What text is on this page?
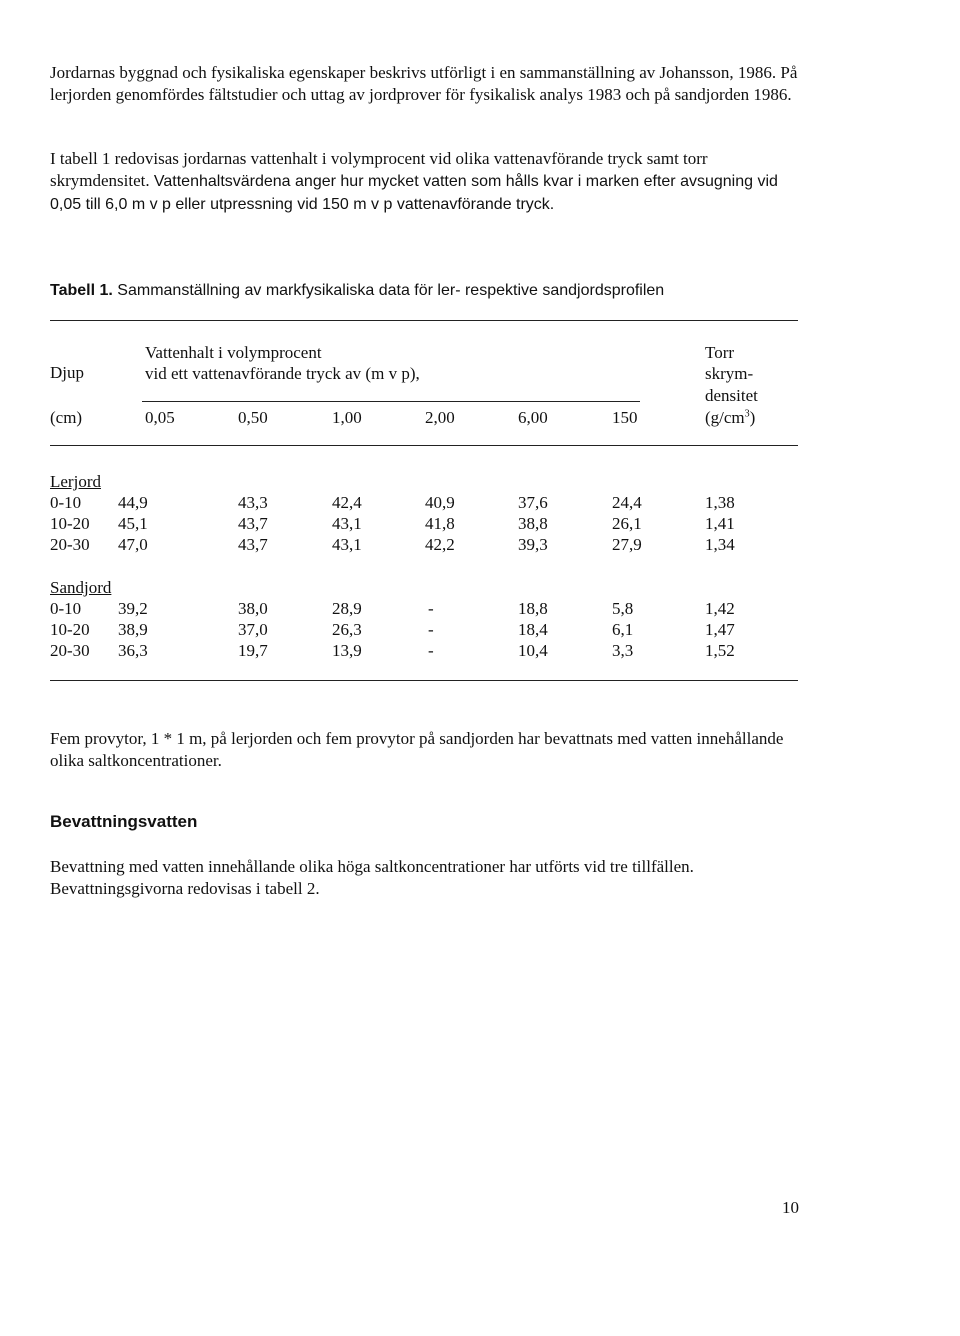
Jordarnas byggnad och fysikaliska egenskaper beskrivs utförligt i en sammanställning av Johansson, 1986. På lerjorden genomfördes fältstudier och uttag av jordprover för fysikalisk analys 1983 och på sandjorden 1986.

I tabell 1 redovisas jordarnas vattenhalt i volymprocent vid olika vattenavförande tryck samt torr skrymdensitet. Vattenhaltsvärdena anger hur mycket vatten som hålls kvar i marken efter avsugning vid 0,05 till 6,0 m v p eller utpressning vid 150 m v p vattenavförande tryck.

Tabell 1. Sammanställning av markfysikaliska data för ler- respektive sandjordsprofilen
Djup
(cm)
Vattenhalt i volymprocent
vid ett vattenavförande tryck av (m v p),
Torr
skrym-
densitet
$(g/cm^3)$
0,05	0,50	1,00	2,00	6,00	150
Lerjord
0-10 44,9	43,3	42,4	40,9	37,6	24,4	1,38
10-20 45,1	43,7	43,1	41,8	38,8	26,1	1,41
20-30 47,0	43,7	43,1	42,2	39,3	27,9	1,34
Sandjord
0-10 39,2	38,0	28,9	-	18,8	5,8	1,42
10-20 38,9	37,0	26,3	-	18,4	6,1	1,47
20-30 36,3	19,7	13,9	-	10,4	3,3	1,52

Fem provytor, 1 * 1 m, på lerjorden och fem provytor på sandjorden har bevattnats med vatten innehållande olika saltkoncentrationer.

Bevattningsvatten

Bevattning med vatten innehållande olika höga saltkoncentrationer har utförts vid tre tillfällen. Bevattningsgivorna redovisas i tabell 2.

10
